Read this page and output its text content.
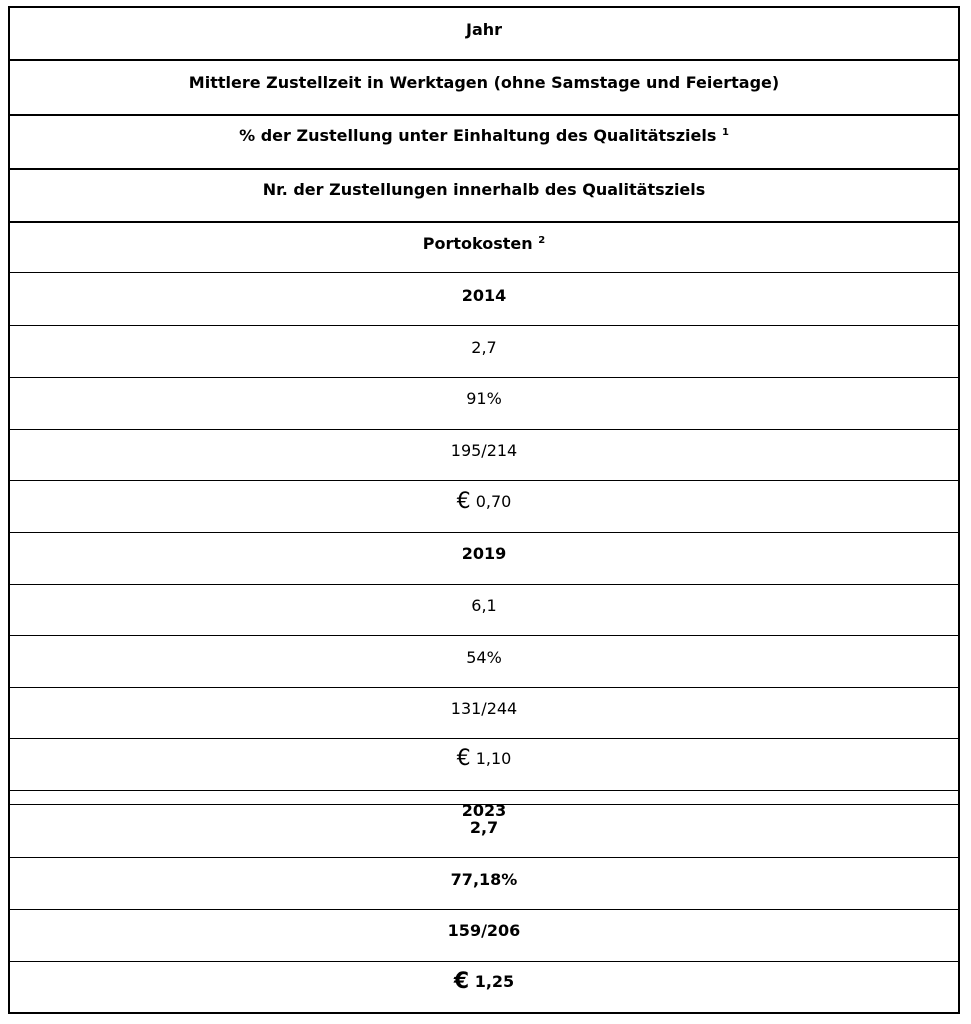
Jahr
Mittlere Zustellzeit in Werktagen (ohne Samstage und Feiertage)
% der Zustellung unter Einhaltung des Qualitätsziels $^1$
Nr. der Zustellungen innerhalb des Qualitätsziels
Portokosten $^2$
2014
2,7
91%
195/214
€ 0,70
2019
6,1
54%
131/244
€ 1,10
2023
2,7
77,18%
159/206
€ 1,25
